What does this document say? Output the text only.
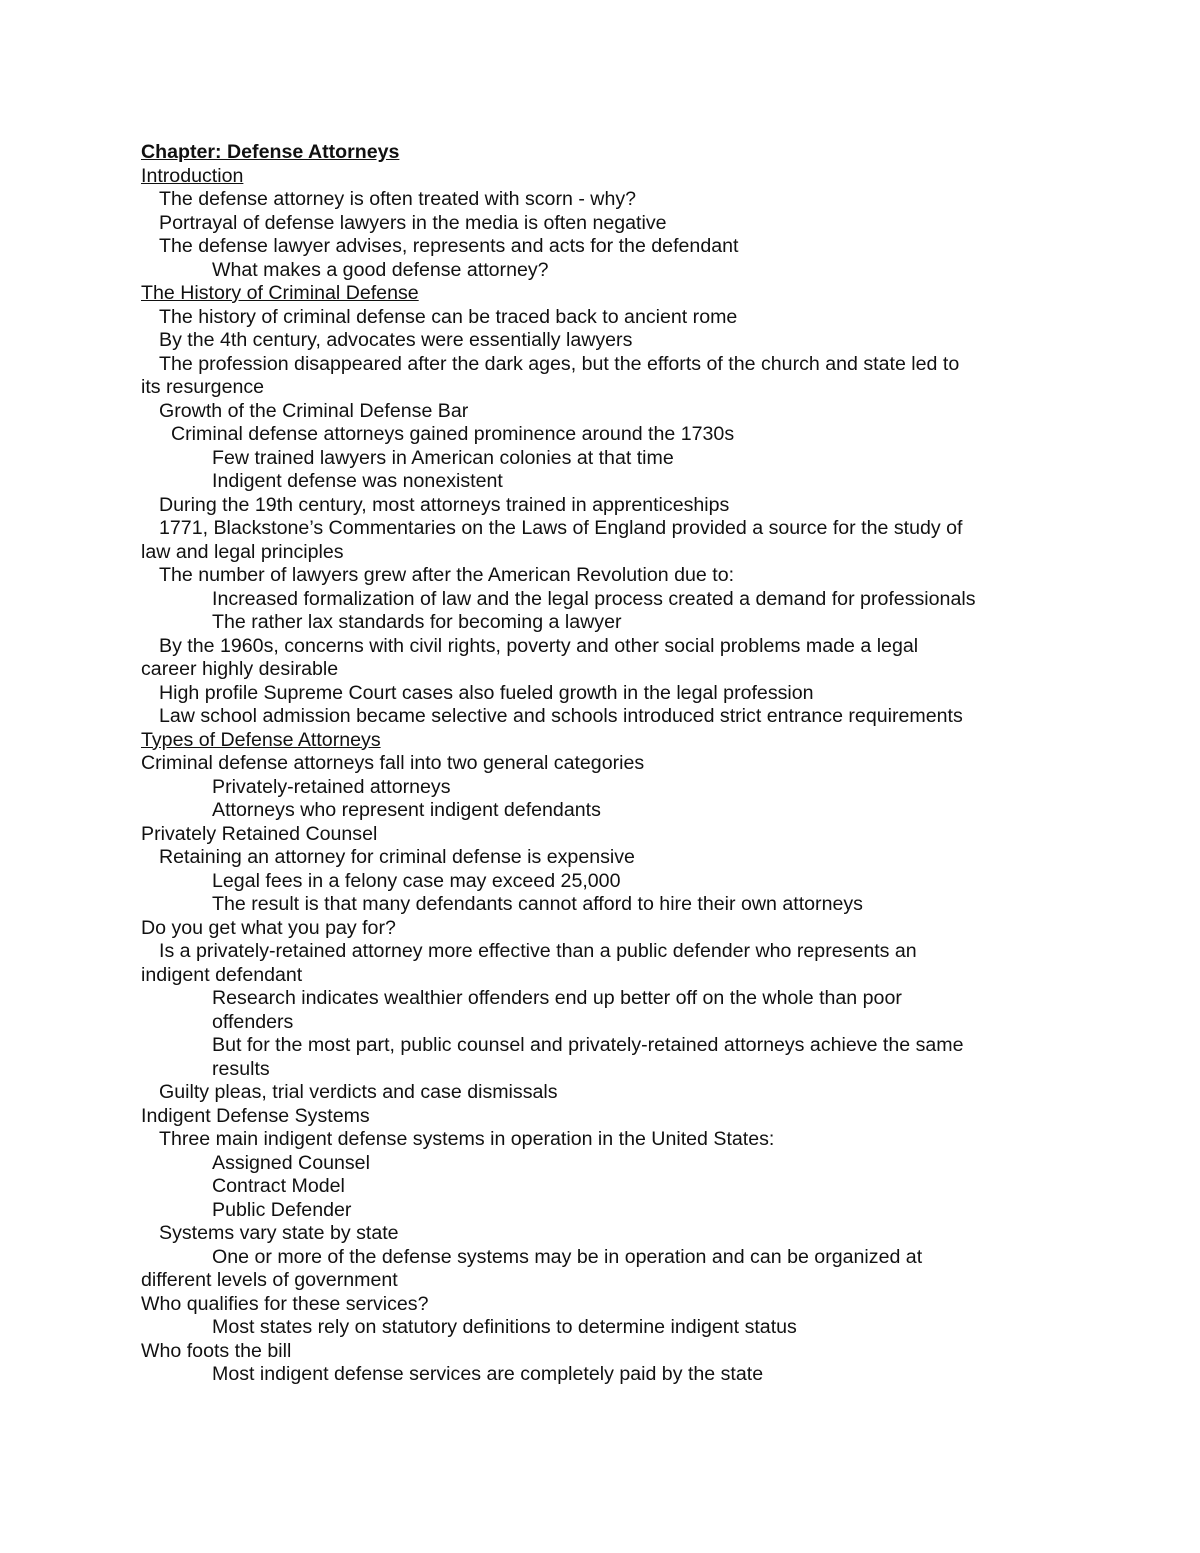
Chapter: Defense Attorneys

Introduction

The defense attorney is often treated with scorn - why?

Portrayal of defense lawyers in the media is often negative

The defense lawyer advises, represents and acts for the defendant

What makes a good defense attorney?

The History of Criminal Defense

The history of criminal defense can be traced back to ancient rome

By the 4th century, advocates were essentially lawyers

The profession disappeared after the dark ages, but the efforts of the church and state led to

its resurgence

Growth of the Criminal Defense Bar

Criminal defense attorneys gained prominence around the 1730s

Few trained lawyers in American colonies at that time

Indigent defense was nonexistent

During the 19th century, most attorneys trained in apprenticeships

1771, Blackstone’s Commentaries on the Laws of England provided a source for the study of

law and legal principles

The number of lawyers grew after the American Revolution due to:

Increased formalization of law and the legal process created a demand for professionals

The rather lax standards for becoming a lawyer

By the 1960s, concerns with civil rights, poverty and other social problems made a legal

career highly desirable

High profile Supreme Court cases also fueled growth in the legal profession

Law school admission became selective and schools introduced strict entrance requirements

Types of Defense Attorneys

Criminal defense attorneys fall into two general categories

Privately-retained attorneys

Attorneys who represent indigent defendants

Privately Retained Counsel

Retaining an attorney for criminal defense is expensive

Legal fees in a felony case may exceed 25,000

The result is that many defendants cannot afford to hire their own attorneys

Do you get what you pay for?

Is a privately-retained attorney more effective than a public defender who represents an

indigent defendant

Research indicates wealthier offenders end up better off on the whole than poor

offenders

But for the most part, public counsel and privately-retained attorneys achieve the same

results

Guilty pleas, trial verdicts and case dismissals

Indigent Defense Systems

Three main indigent defense systems in operation in the United States:

Assigned Counsel

Contract Model

Public Defender

Systems vary state by state

One or more of the defense systems may be in operation and can be organized at

different levels of government

Who qualifies for these services?

Most states rely on statutory definitions to determine indigent status

Who foots the bill

Most indigent defense services are completely paid by the state
